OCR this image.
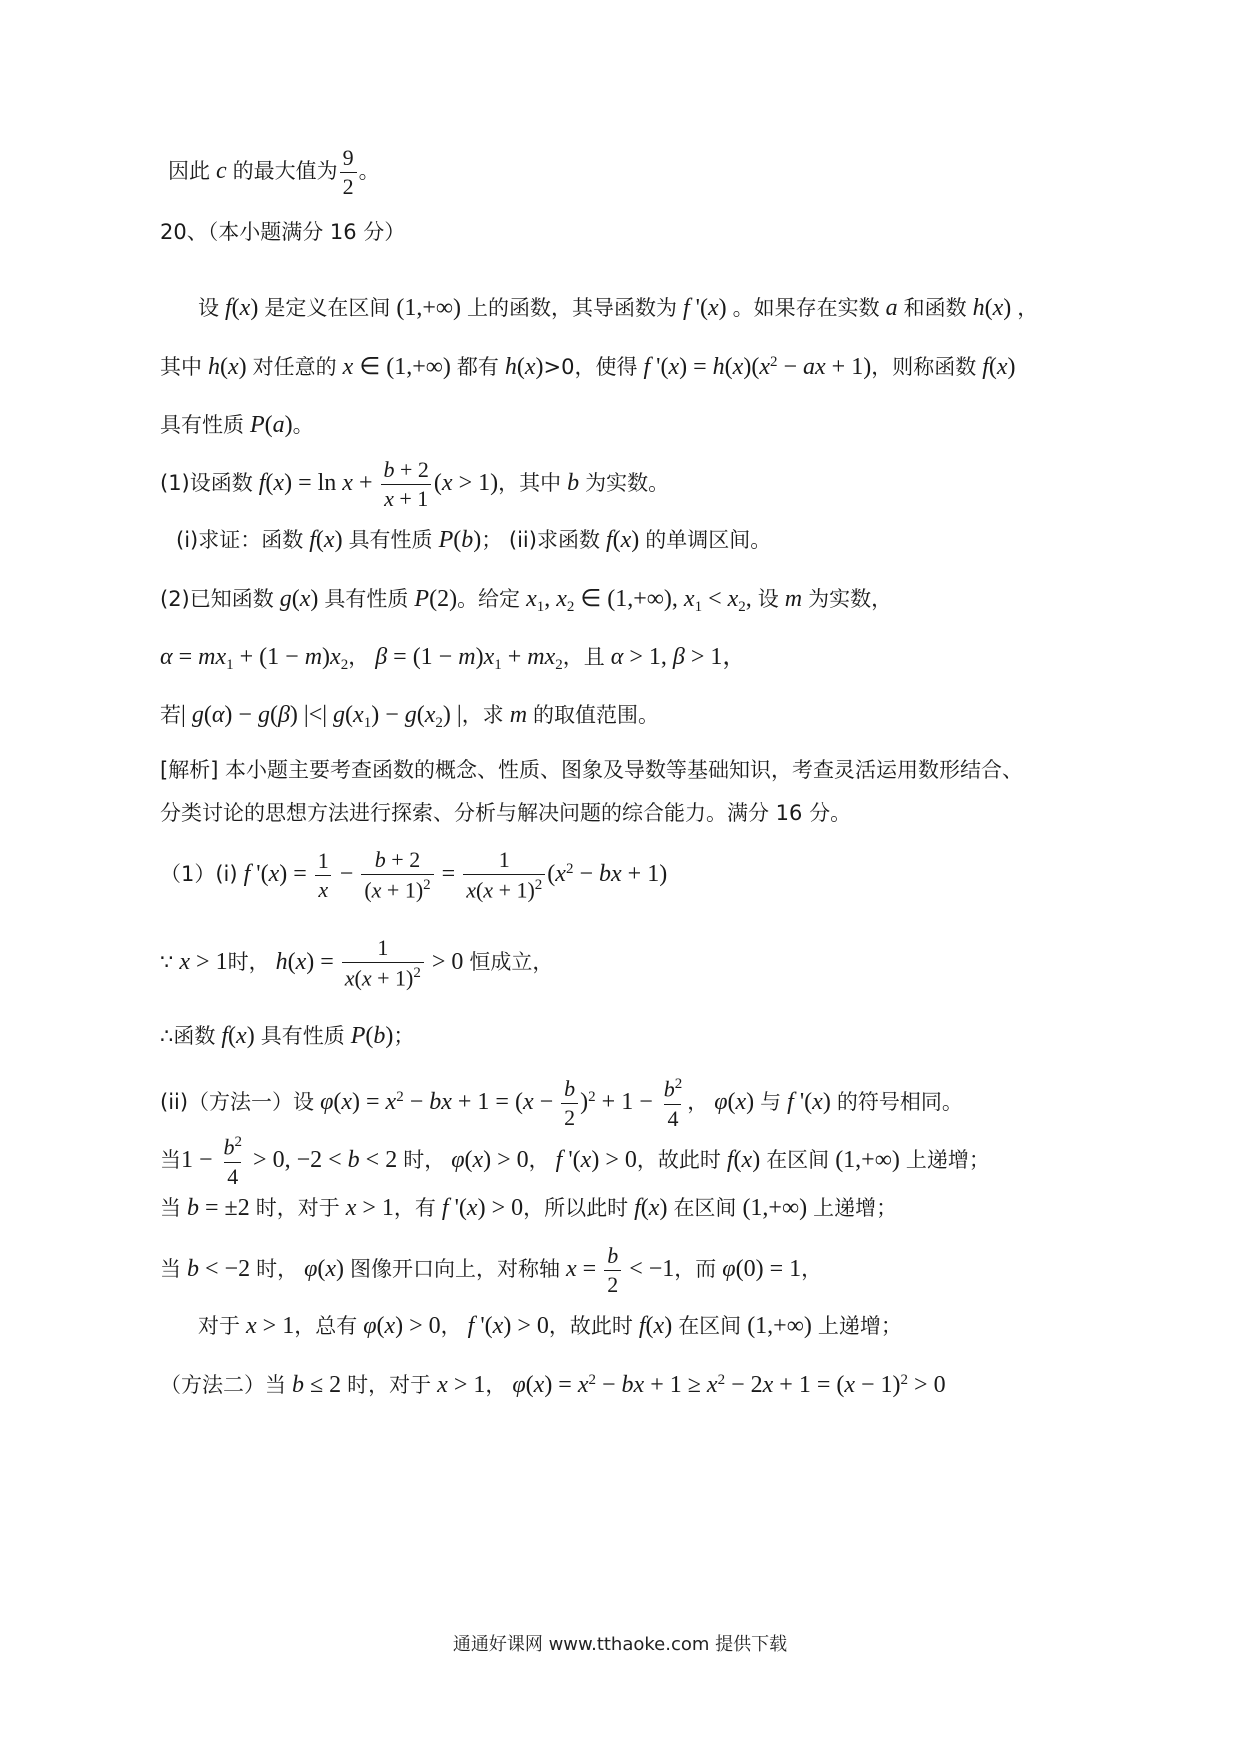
因此 c 的最大值为 $\frac{9}{2}$ 。
20、（本小题满分 16 分）
设 f(x) 是定义在区间 (1,+∞) 上的函数，其导函数为 f '(x) 。如果存在实数 a 和函数 h(x) ，
其中 h(x) 对任意的 x ∈ (1,+∞) 都有 h(x)>0，使得 f '$(x) = h(x)(x^2$ − ax + 1)，则称函数 f(x)
具有性质 P(a)。
(1)设函数 $f(x) = \ln x + \frac{b + 2}{x + 1} (x > 1)$，其中 b 为实数。
(i)求证：函数 f(x) 具有性质 P(b)； (ii)求函数 f(x) 的单调区间。
(2)已知函数 g(x) 具有性质 P(2)。给定 $x_1$, $x_2$ ∈ (1,+∞), $x_1 < x_2$, 设 m 为实数，
$\alpha = mx_1 + (1 - m)x_2$， $\beta = (1 - m)x_1 + mx_2$，且 α > 1, β > 1，
若| g(α) − g(β) |<| $g(x_1) - g(x_2)$ |，求 m 的取值范围。
[解析] 本小题主要考查函数的概念、性质、图象及导数等基础知识，考查灵活运用数形结合、
分类讨论的思想方法进行探索、分析与解决问题的综合能力。满分 16 分。
（1）(i) f '$(x) = \frac{1}{x} - \frac{b + 2}{(x + 1)^2} = \frac{1}{x(x + 1)^2} (x^2$ − bx + 1)
∵ x > 1时， $h(x) = \frac{1}{x(x + 1)^2} > 0$ 恒成立，
∴函数 f(x) 具有性质 P(b)；
(ii)（方法一）设 $\varphi(x) = x^2$ − bx + $1 = (x - \frac{b}{2} )^2 + 1 - \frac{b^2}{4}$ ， φ(x) 与 f '(x) 的符号相同。
当$1 - \frac{b^2}{4} > 0$, −2 < b < 2 时， φ(x) > 0， f '(x) > 0，故此时 f(x) 在区间 (1,+∞) 上递增；
当 b = ±2 时，对于 x > 1，有 f '(x) > 0，所以此时 f(x) 在区间 (1,+∞) 上递增；
当 b < −2 时， φ(x) 图像开口向上，对称轴 $x = \frac{b}{2} < -1$，而 φ(0) = 1，
对于 x > 1，总有 φ(x) > 0， f '(x) > 0，故此时 f(x) 在区间 (1,+∞) 上递增；
（方法二）当 b ≤ 2 时，对于 x > 1， $\varphi(x) = x^2$ − bx + $1 \ge x^2 - 2x + 1 = (x - 1)^2 > 0$
通通好课网 www.tthaoke.com 提供下载
